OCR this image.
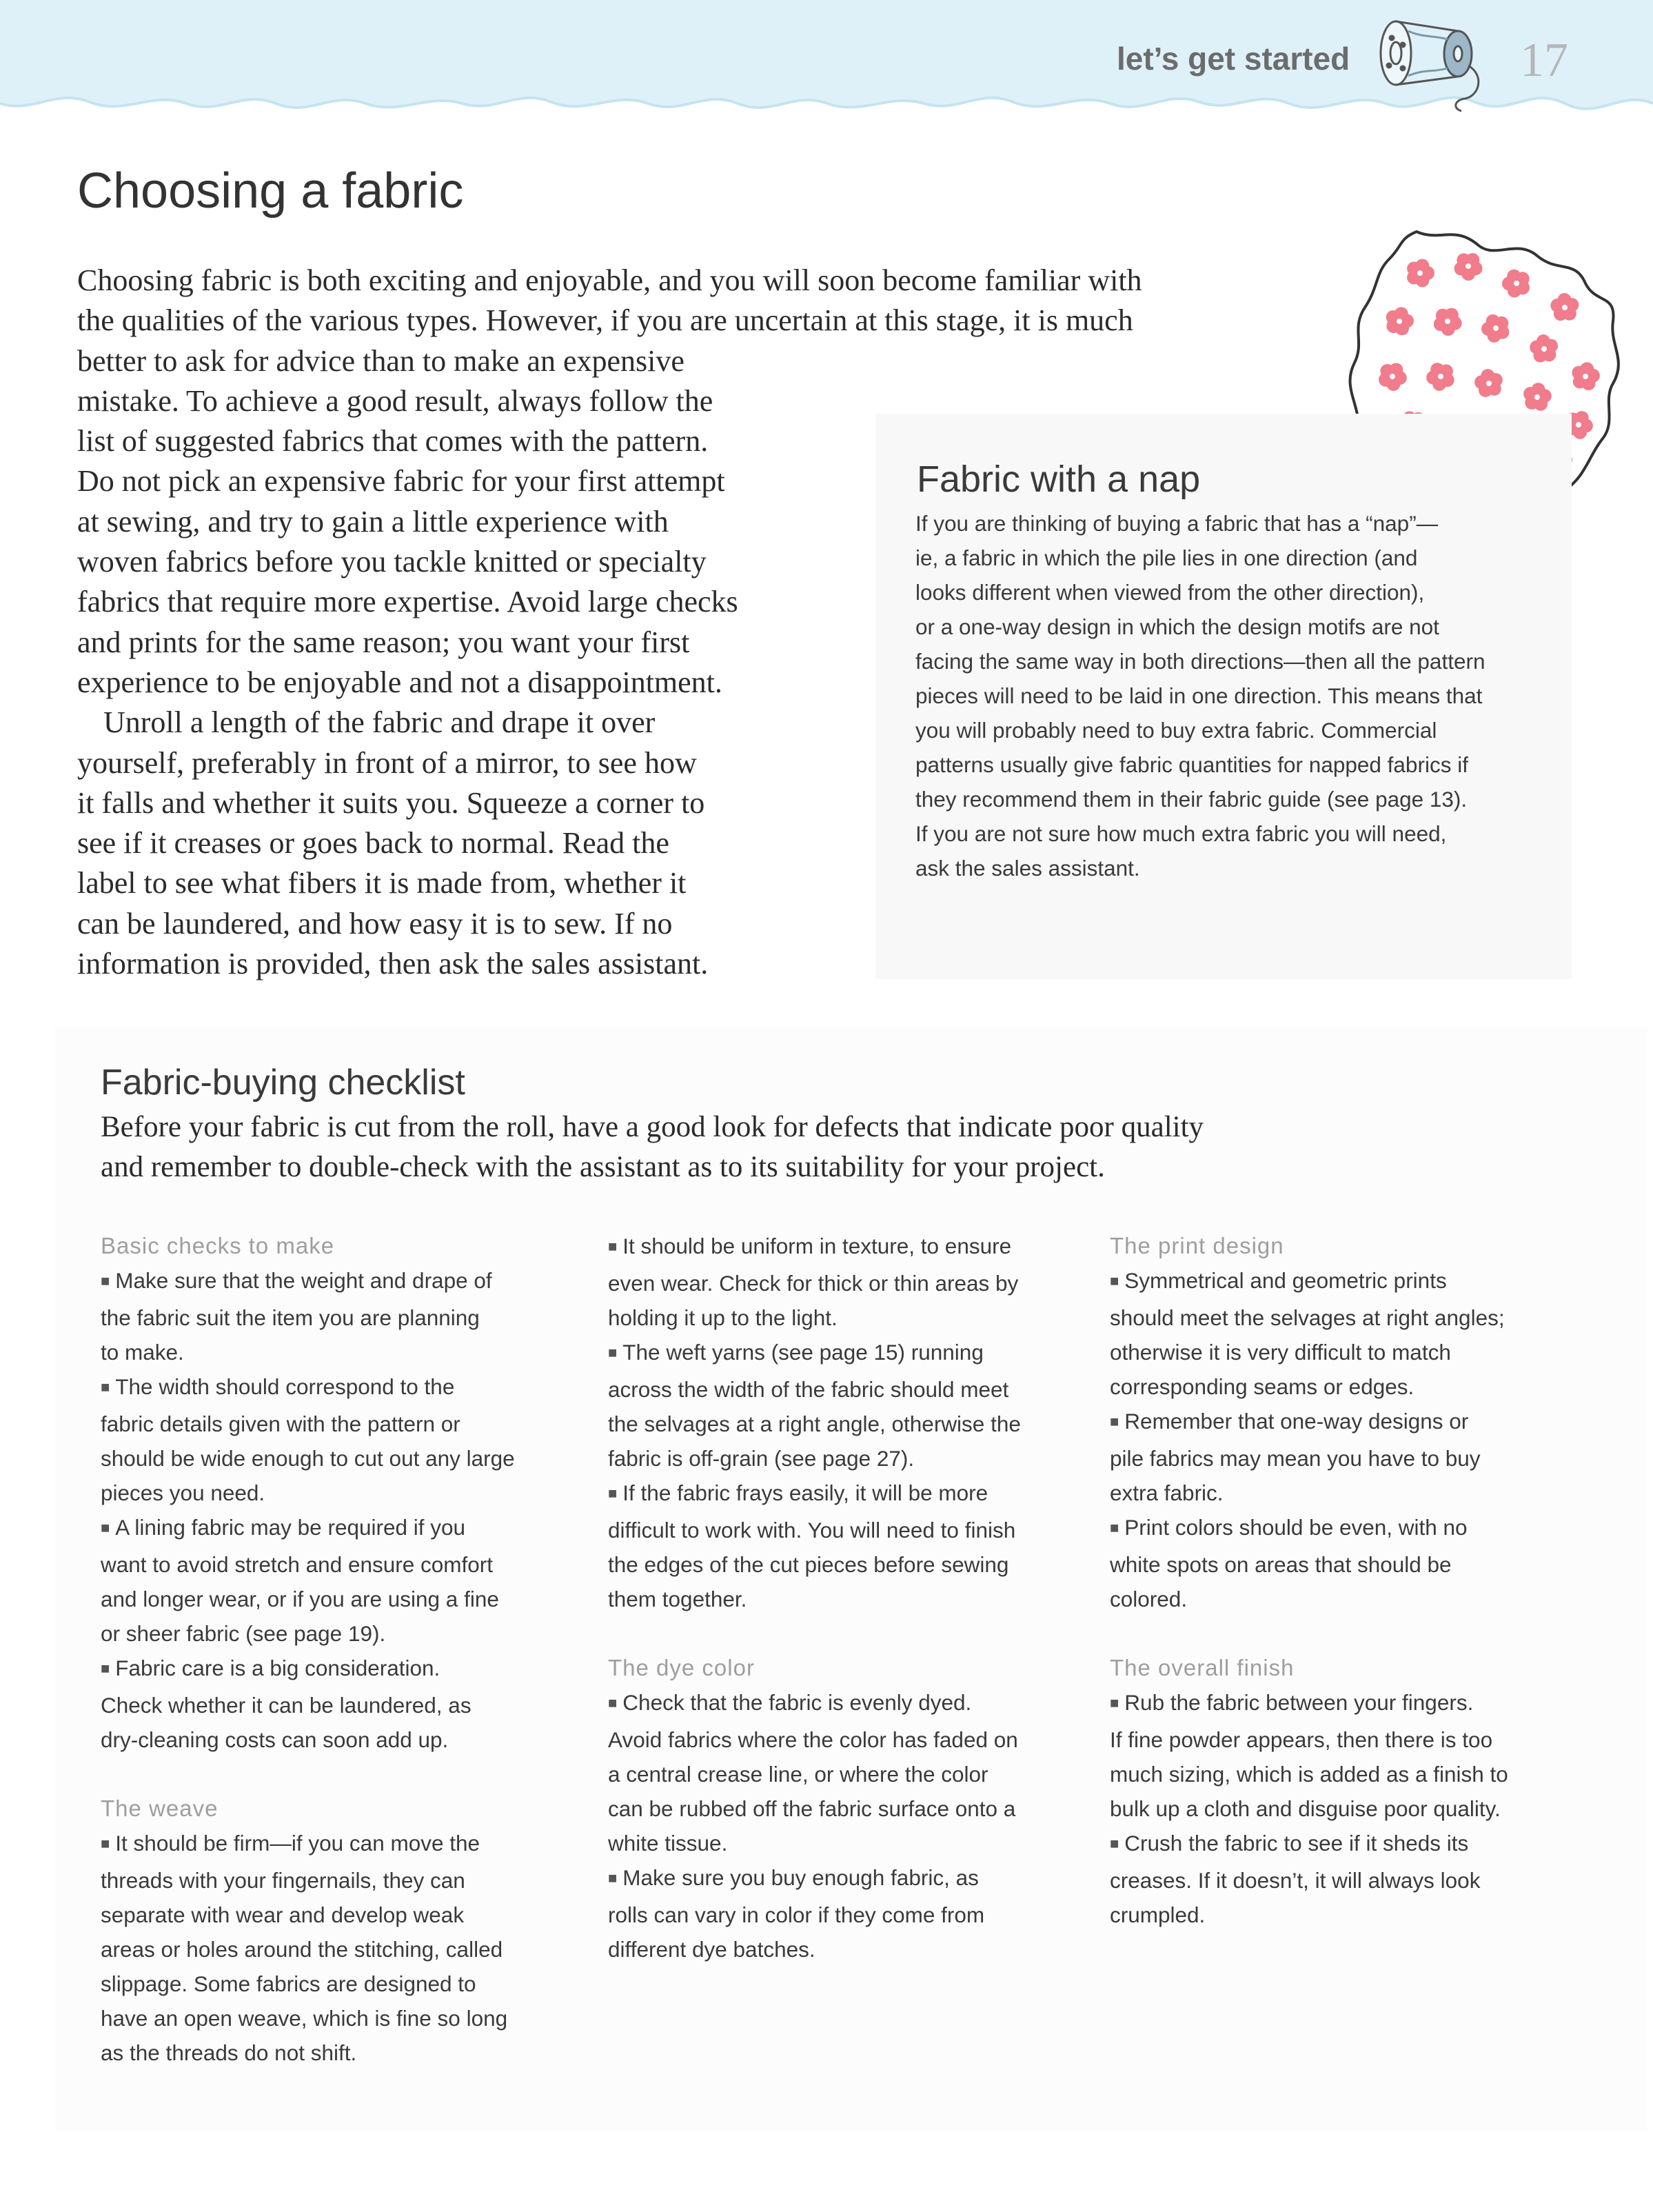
let’s get started	17
Choosing a fabric

Choosing fabric is both exciting and enjoyable, and you will soon become familiar with
the qualities of the various types. However, if you are uncertain at this stage, it is much
better to ask for advice than to make an expensive
mistake. To achieve a good result, always follow the
list of suggested fabrics that comes with the pattern.
Do not pick an expensive fabric for your first attempt
at sewing, and try to gain a little experience with
woven fabrics before you tackle knitted or specialty
fabrics that require more expertise. Avoid large checks
and prints for the same reason; you want your first
experience to be enjoyable and not a disappointment.
Unroll a length of the fabric and drape it over
yourself, preferably in front of a mirror, to see how
it falls and whether it suits you. Squeeze a corner to
see if it creases or goes back to normal. Read the
label to see what fibers it is made from, whether it
can be laundered, and how easy it is to sew. If no
information is provided, then ask the sales assistant.

Fabric with a nap
If you are thinking of buying a fabric that has a “nap”—
ie, a fabric in which the pile lies in one direction (and
looks different when viewed from the other direction),
or a one-way design in which the design motifs are not
facing the same way in both directions—then all the pattern
pieces will need to be laid in one direction. This means that
you will probably need to buy extra fabric. Commercial
patterns usually give fabric quantities for napped fabrics if
they recommend them in their fabric guide (see page 13).
If you are not sure how much extra fabric you will need,
ask the sales assistant.
Fabric-buying checklist
Before your fabric is cut from the roll, have a good look for defects that indicate poor quality
and remember to double-check with the assistant as to its suitability for your project.
Basic checks to make
■ Make sure that the weight and drape of
the fabric suit the item you are planning
to make.
■ The width should correspond to the
fabric details given with the pattern or
should be wide enough to cut out any large
pieces you need.
■ A lining fabric may be required if you
want to avoid stretch and ensure comfort
and longer wear, or if you are using a fine
or sheer fabric (see page 19).
■ Fabric care is a big consideration.
Check whether it can be laundered, as
dry-cleaning costs can soon add up.
The weave
■ It should be firm—if you can move the
threads with your fingernails, they can
separate with wear and develop weak
areas or holes around the stitching, called
slippage. Some fabrics are designed to
have an open weave, which is fine so long
as the threads do not shift.
■ It should be uniform in texture, to ensure
even wear. Check for thick or thin areas by
holding it up to the light.
■ The weft yarns (see page 15) running
across the width of the fabric should meet
the selvages at a right angle, otherwise the
fabric is off-grain (see page 27).
■ If the fabric frays easily, it will be more
difficult to work with. You will need to finish
the edges of the cut pieces before sewing
them together.
The dye color
■ Check that the fabric is evenly dyed.
Avoid fabrics where the color has faded on
a central crease line, or where the color
can be rubbed off the fabric surface onto a
white tissue.
■ Make sure you buy enough fabric, as
rolls can vary in color if they come from
different dye batches.
The print design
■ Symmetrical and geometric prints
should meet the selvages at right angles;
otherwise it is very difficult to match
corresponding seams or edges.
■ Remember that one-way designs or
pile fabrics may mean you have to buy
extra fabric.
■ Print colors should be even, with no
white spots on areas that should be
colored.
The overall finish
■ Rub the fabric between your fingers.
If fine powder appears, then there is too
much sizing, which is added as a finish to
bulk up a cloth and disguise poor quality.
■ Crush the fabric to see if it sheds its
creases. If it doesn’t, it will always look
crumpled.
